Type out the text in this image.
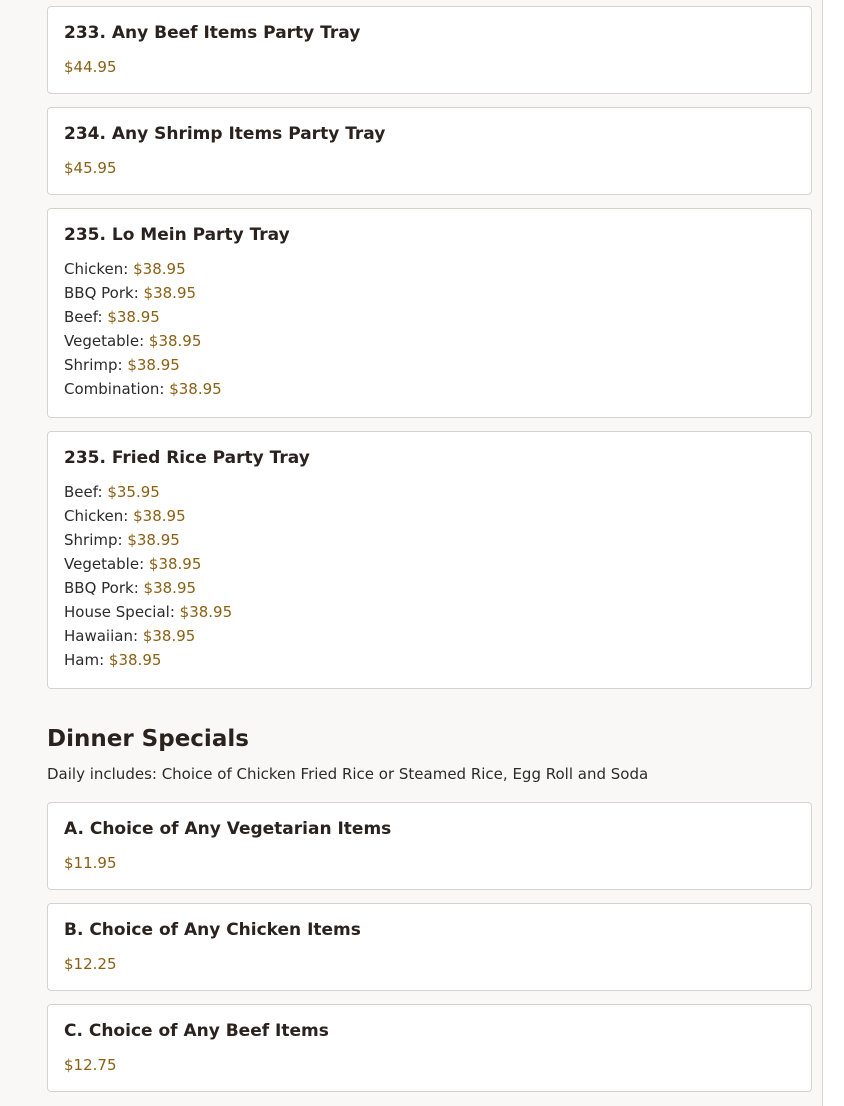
233. Any Beef Items Party Tray
$44.95
234. Any Shrimp Items Party Tray
$45.95
235. Lo Mein Party Tray
Chicken: $38.95
BBQ Pork: $38.95
Beef: $38.95
Vegetable: $38.95
Shrimp: $38.95
Combination: $38.95
235. Fried Rice Party Tray
Beef: $35.95
Chicken: $38.95
Shrimp: $38.95
Vegetable: $38.95
BBQ Pork: $38.95
House Special: $38.95
Hawaiian: $38.95
Ham: $38.95
Dinner Specials
Daily includes: Choice of Chicken Fried Rice or Steamed Rice, Egg Roll and Soda
A. Choice of Any Vegetarian Items
$11.95
B. Choice of Any Chicken Items
$12.25
C. Choice of Any Beef Items
$12.75
